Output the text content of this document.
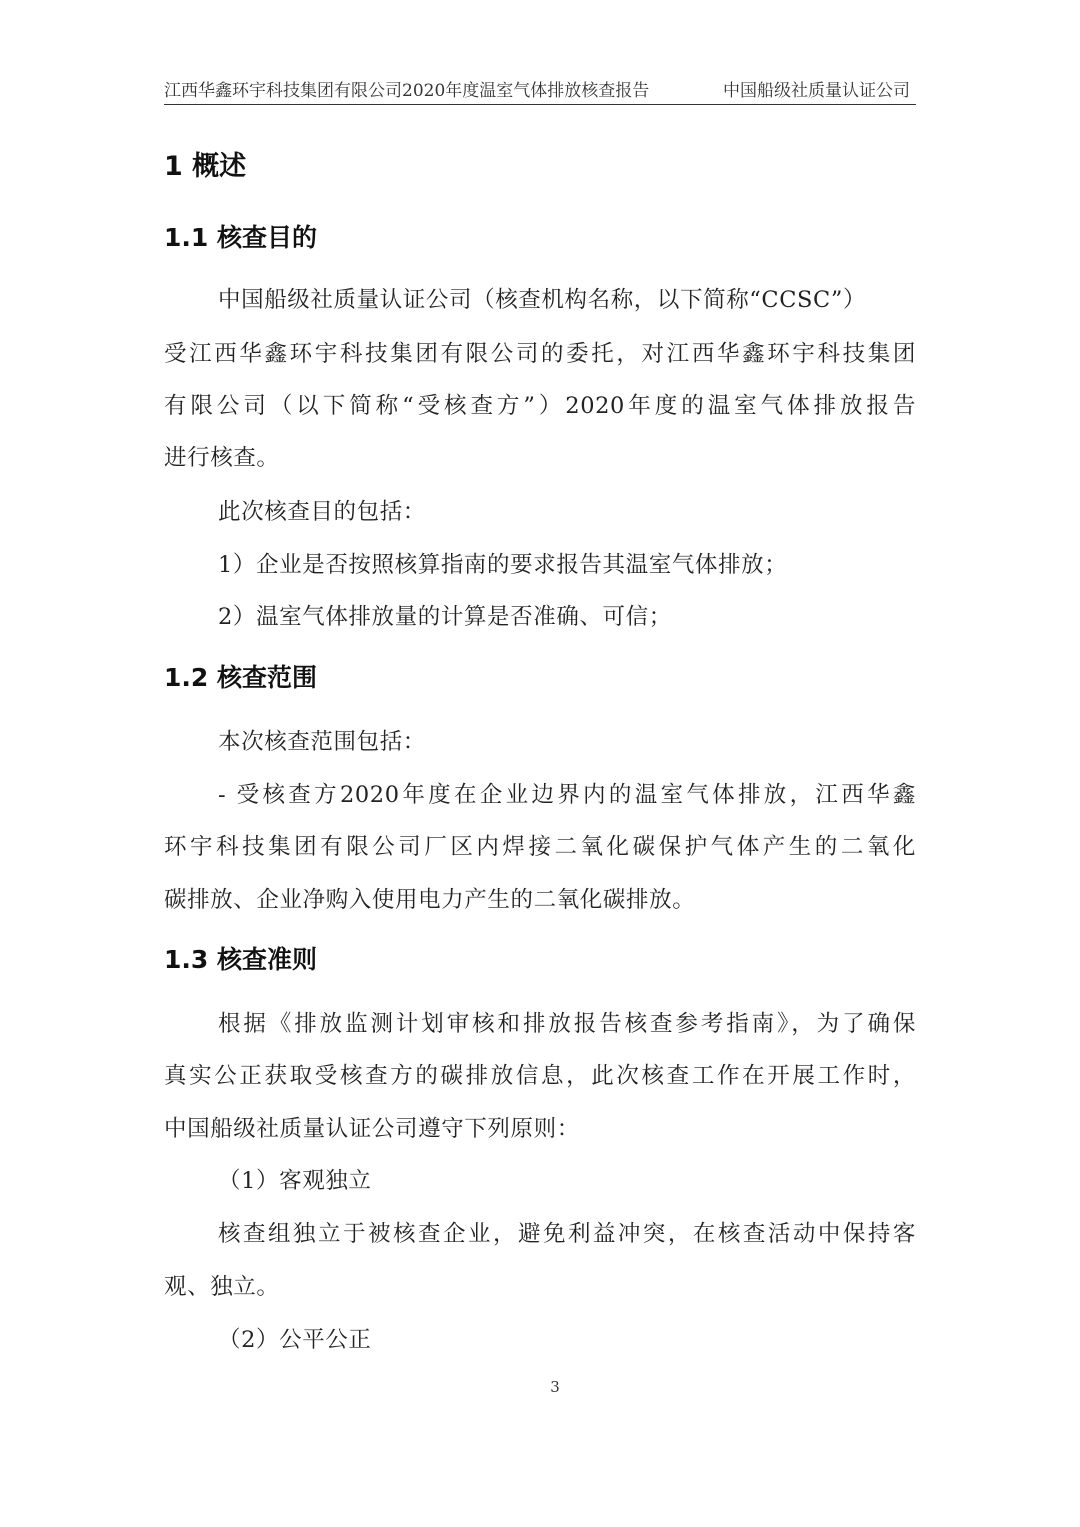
江西华鑫环宇科技集团有限公司2020年度温室气体排放核查报告	中国船级社质量认证公司
1 概述
1.1 核查目的
中国船级社质量认证公司（核查机构名称，以下简称“CCSC”）
受江西华鑫环宇科技集团有限公司的委托，对江西华鑫环宇科技集团
有限公司（以下简称“受核查方”）2020年度的温室气体排放报告
进行核查。
此次核查目的包括：
1）企业是否按照核算指南的要求报告其温室气体排放；
2）温室气体排放量的计算是否准确、可信；
1.2 核查范围
本次核查范围包括：
- 受核查方2020年度在企业边界内的温室气体排放，江西华鑫
环宇科技集团有限公司厂区内焊接二氧化碳保护气体产生的二氧化
碳排放、企业净购入使用电力产生的二氧化碳排放。
1.3 核查准则
根据《排放监测计划审核和排放报告核查参考指南》，为了确保
真实公正获取受核查方的碳排放信息，此次核查工作在开展工作时，
中国船级社质量认证公司遵守下列原则：
（1）客观独立
核查组独立于被核查企业，避免利益冲突，在核查活动中保持客
观、独立。
（2）公平公正
3
